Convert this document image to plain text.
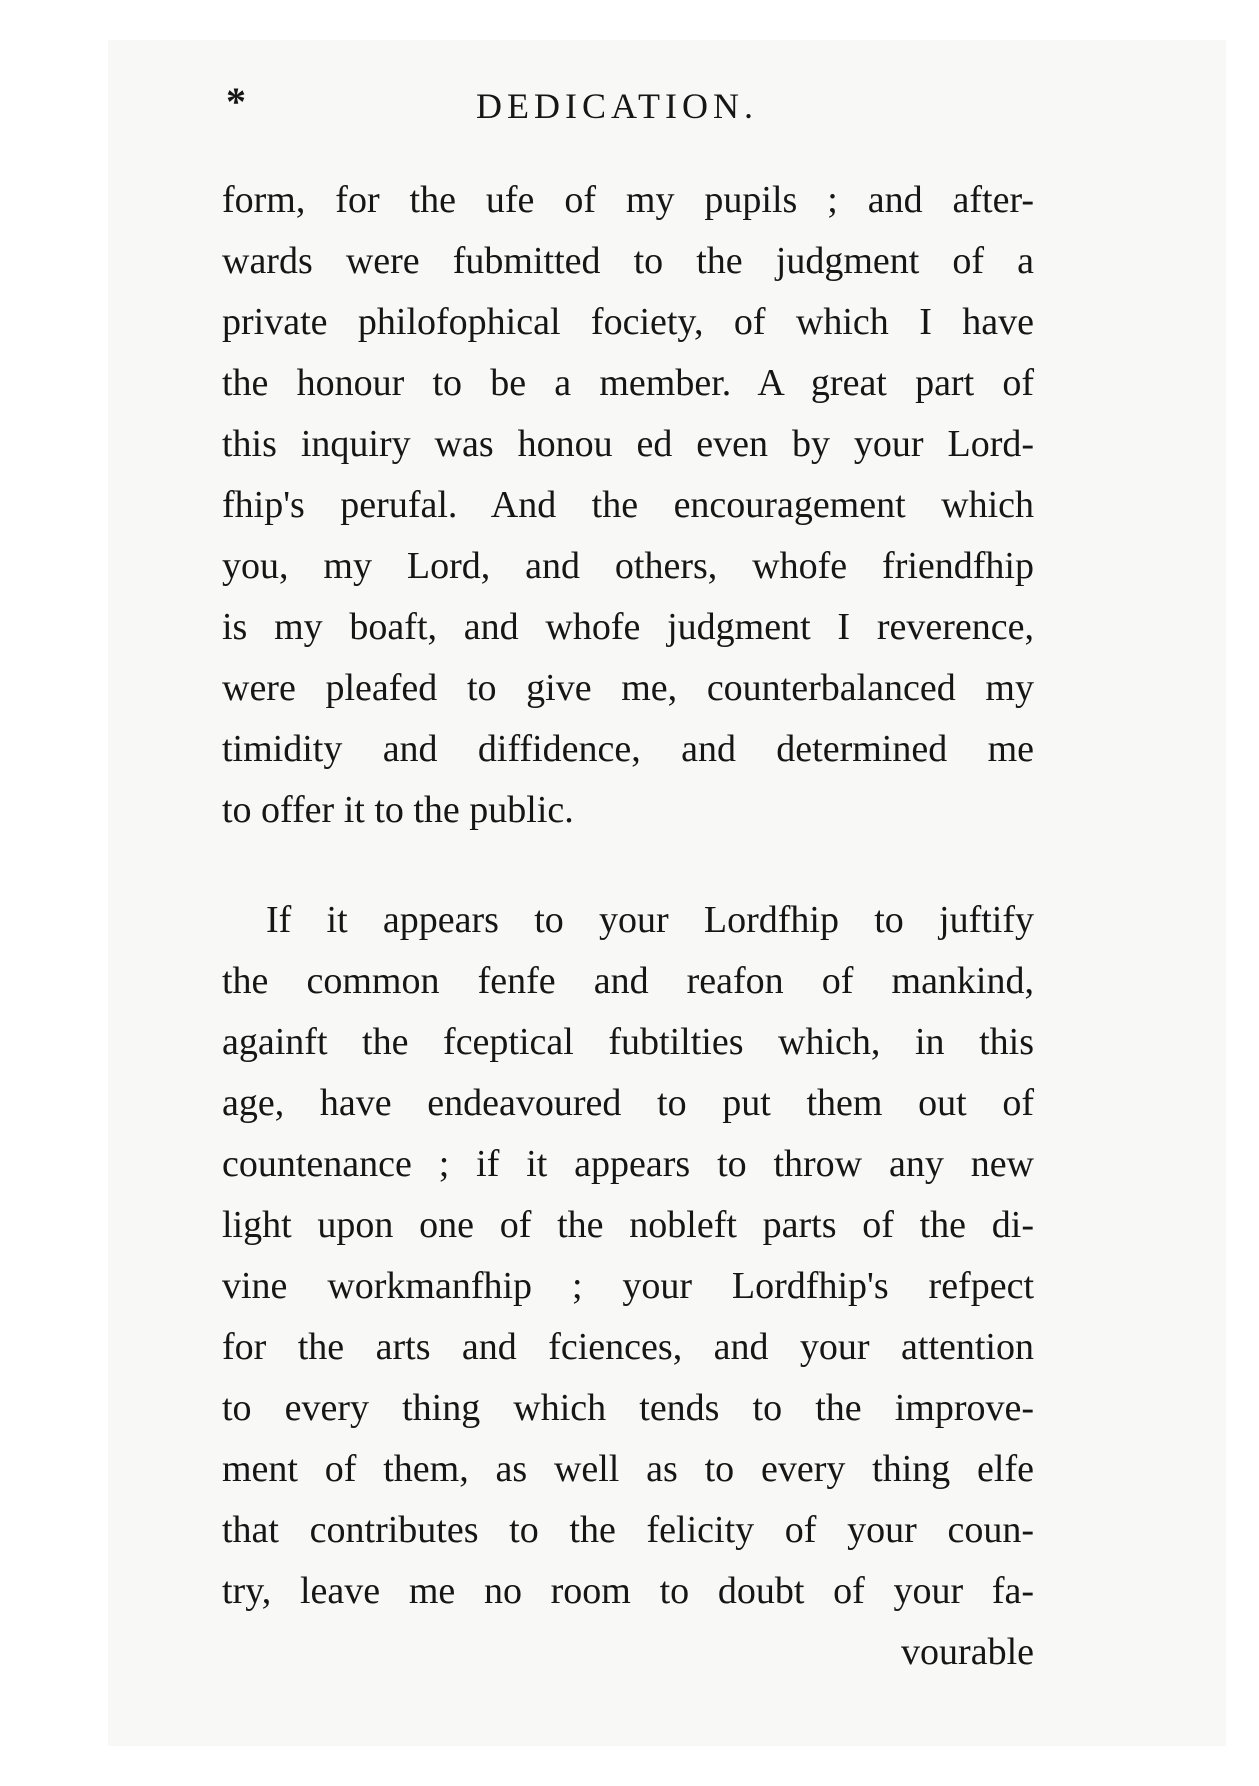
*	DEDICATION.
form, for the ufe of my pupils ; and after-
wards were fubmitted to the judgment of a
private philofophical fociety, of which I have
the honour to be a member. A great part of
this inquiry was honou ed even by your Lord-
fhip's perufal. And the encouragement which
you, my Lord, and others, whofe friendfhip
is my boaft, and whofe judgment I reverence,
were pleafed to give me, counterbalanced my
timidity and diffidence, and determined me
to offer it to the public.
If it appears to your Lordfhip to juftify
the common fenfe and reafon of mankind,
againft the fceptical fubtilties which, in this
age, have endeavoured to put them out of
countenance ; if it appears to throw any new
light upon one of the nobleft parts of the di-
vine workmanfhip ; your Lordfhip's refpect
for the arts and fciences, and your attention
to every thing which tends to the improve-
ment of them, as well as to every thing elfe
that contributes to the felicity of your coun-
try, leave me no room to doubt of your fa-
vourable
